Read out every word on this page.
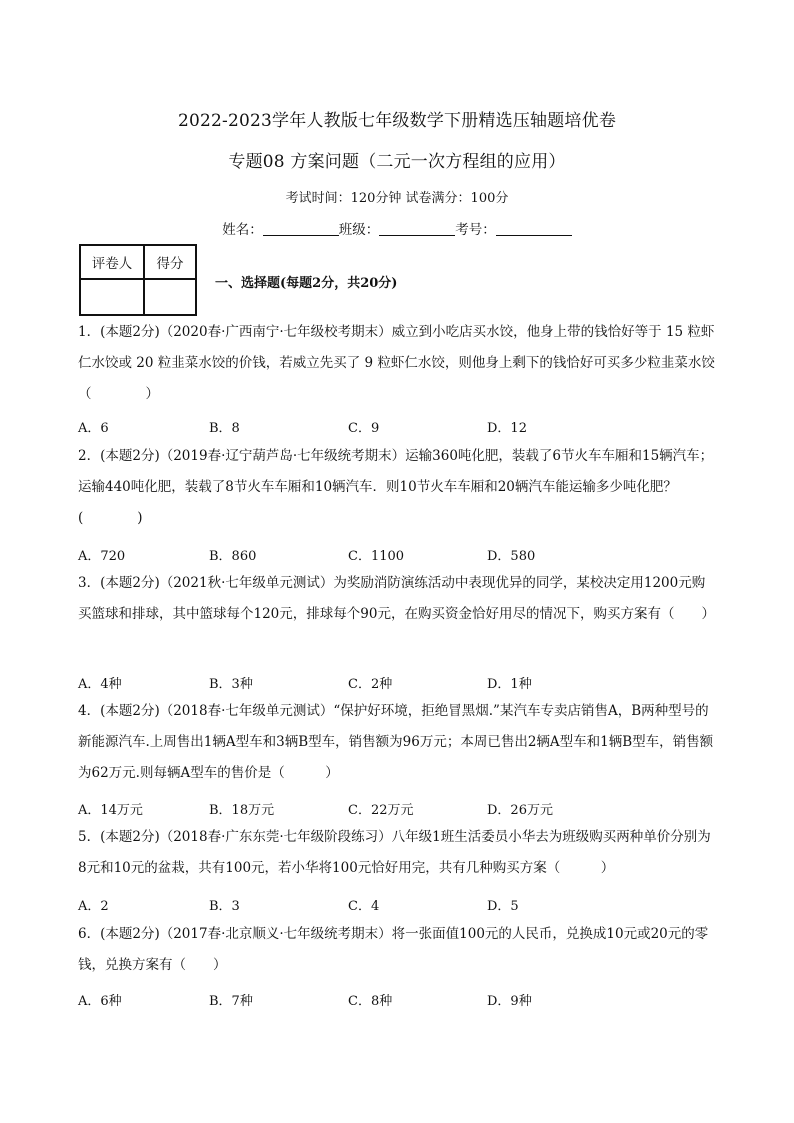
2022-2023学年人教版七年级数学下册精选压轴题培优卷
专题08 方案问题（二元一次方程组的应用）
考试时间：120分钟 试卷满分：100分
姓名：	班级：	考号：
评卷人	得分

一、选择题(每题2分，共20分)
1．(本题2分)（2020春·广西南宁·七年级校考期末）威立到小吃店买水饺，他身上带的钱恰好等于 15 粒虾仁水饺或 20 粒韭菜水饺的价钱，若威立先买了 9 粒虾仁水饺，则他身上剩下的钱恰好可买多少粒韭菜水饺（　　　　）
A．6	B．8	C．9	D．12
2．(本题2分)（2019春·辽宁葫芦岛·七年级统考期末）运输360吨化肥，装载了6节火车车厢和15辆汽车；运输440吨化肥，装载了8节火车车厢和10辆汽车．则10节火车车厢和20辆汽车能运输多少吨化肥？(　　　　)
A．720	B．860	C．1100	D．580
3．(本题2分)（2021秋·七年级单元测试）为奖励消防演练活动中表现优异的同学，某校决定用1200元购买篮球和排球，其中篮球每个120元，排球每个90元，在购买资金恰好用尽的情况下，购买方案有（　　）
A．4种	B．3种	C．2种	D．1种
4．(本题2分)（2018春·七年级单元测试）“保护好环境，拒绝冒黑烟.”某汽车专卖店销售A，B两种型号的新能源汽车.上周售出1辆A型车和3辆B型车，销售额为96万元；本周已售出2辆A型车和1辆B型车，销售额为62万元.则每辆A型车的售价是（　　　）
A．14万元	B．18万元	C．22万元	D．26万元
5．(本题2分)（2018春·广东东莞·七年级阶段练习）八年级1班生活委员小华去为班级购买两种单价分别为8元和10元的盆栽，共有100元，若小华将100元恰好用完，共有几种购买方案（　　　）
A．2	B．3	C．4	D．5
6．(本题2分)（2017春·北京顺义·七年级统考期末）将一张面值100元的人民币，兑换成10元或20元的零钱，兑换方案有（　　）
A．6种	B．7种	C．8种	D．9种
